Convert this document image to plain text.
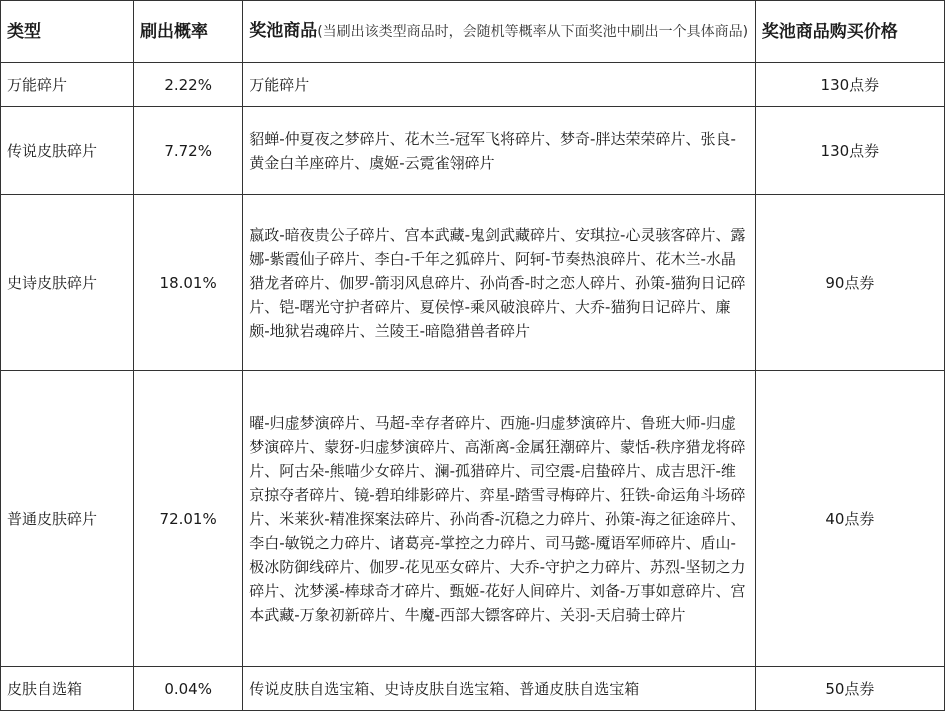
类型	刷出概率	奖池商品(当刷出该类型商品时，会随机等概率从下面奖池中刷出一个具体商品)	奖池商品购买价格
万能碎片	2.22%	万能碎片	130点券
传说皮肤碎片	7.72%	貂蝉-仲夏夜之梦碎片、花木兰-冠军飞将碎片、梦奇-胖达荣荣碎片、张良-黄金白羊座碎片、虞姬-云霓雀翎碎片	130点券
史诗皮肤碎片	18.01%	嬴政-暗夜贵公子碎片、宫本武藏-鬼剑武藏碎片、安琪拉-心灵骇客碎片、露娜-紫霞仙子碎片、李白-千年之狐碎片、阿轲-节奏热浪碎片、花木兰-水晶猎龙者碎片、伽罗-箭羽风息碎片、孙尚香-时之恋人碎片、孙策-猫狗日记碎片、铠-曙光守护者碎片、夏侯惇-乘风破浪碎片、大乔-猫狗日记碎片、廉颇-地狱岩魂碎片、兰陵王-暗隐猎兽者碎片	90点券
普通皮肤碎片	72.01%	曜-归虚梦演碎片、马超-幸存者碎片、西施-归虚梦演碎片、鲁班大师-归虚梦演碎片、蒙犽-归虚梦演碎片、高渐离-金属狂潮碎片、蒙恬-秩序猎龙将碎片、阿古朵-熊喵少女碎片、澜-孤猎碎片、司空震-启蛰碎片、成吉思汗-维京掠夺者碎片、镜-碧珀绯影碎片、弈星-踏雪寻梅碎片、狂铁-命运角斗场碎片、米莱狄-精准探案法碎片、孙尚香-沉稳之力碎片、孙策-海之征途碎片、李白-敏锐之力碎片、诸葛亮-掌控之力碎片、司马懿-魇语军师碎片、盾山-极冰防御线碎片、伽罗-花见巫女碎片、大乔-守护之力碎片、苏烈-坚韧之力碎片、沈梦溪-棒球奇才碎片、甄姬-花好人间碎片、刘备-万事如意碎片、宫本武藏-万象初新碎片、牛魔-西部大镖客碎片、关羽-天启骑士碎片	40点券
皮肤自选箱	0.04%	传说皮肤自选宝箱、史诗皮肤自选宝箱、普通皮肤自选宝箱	50点券
